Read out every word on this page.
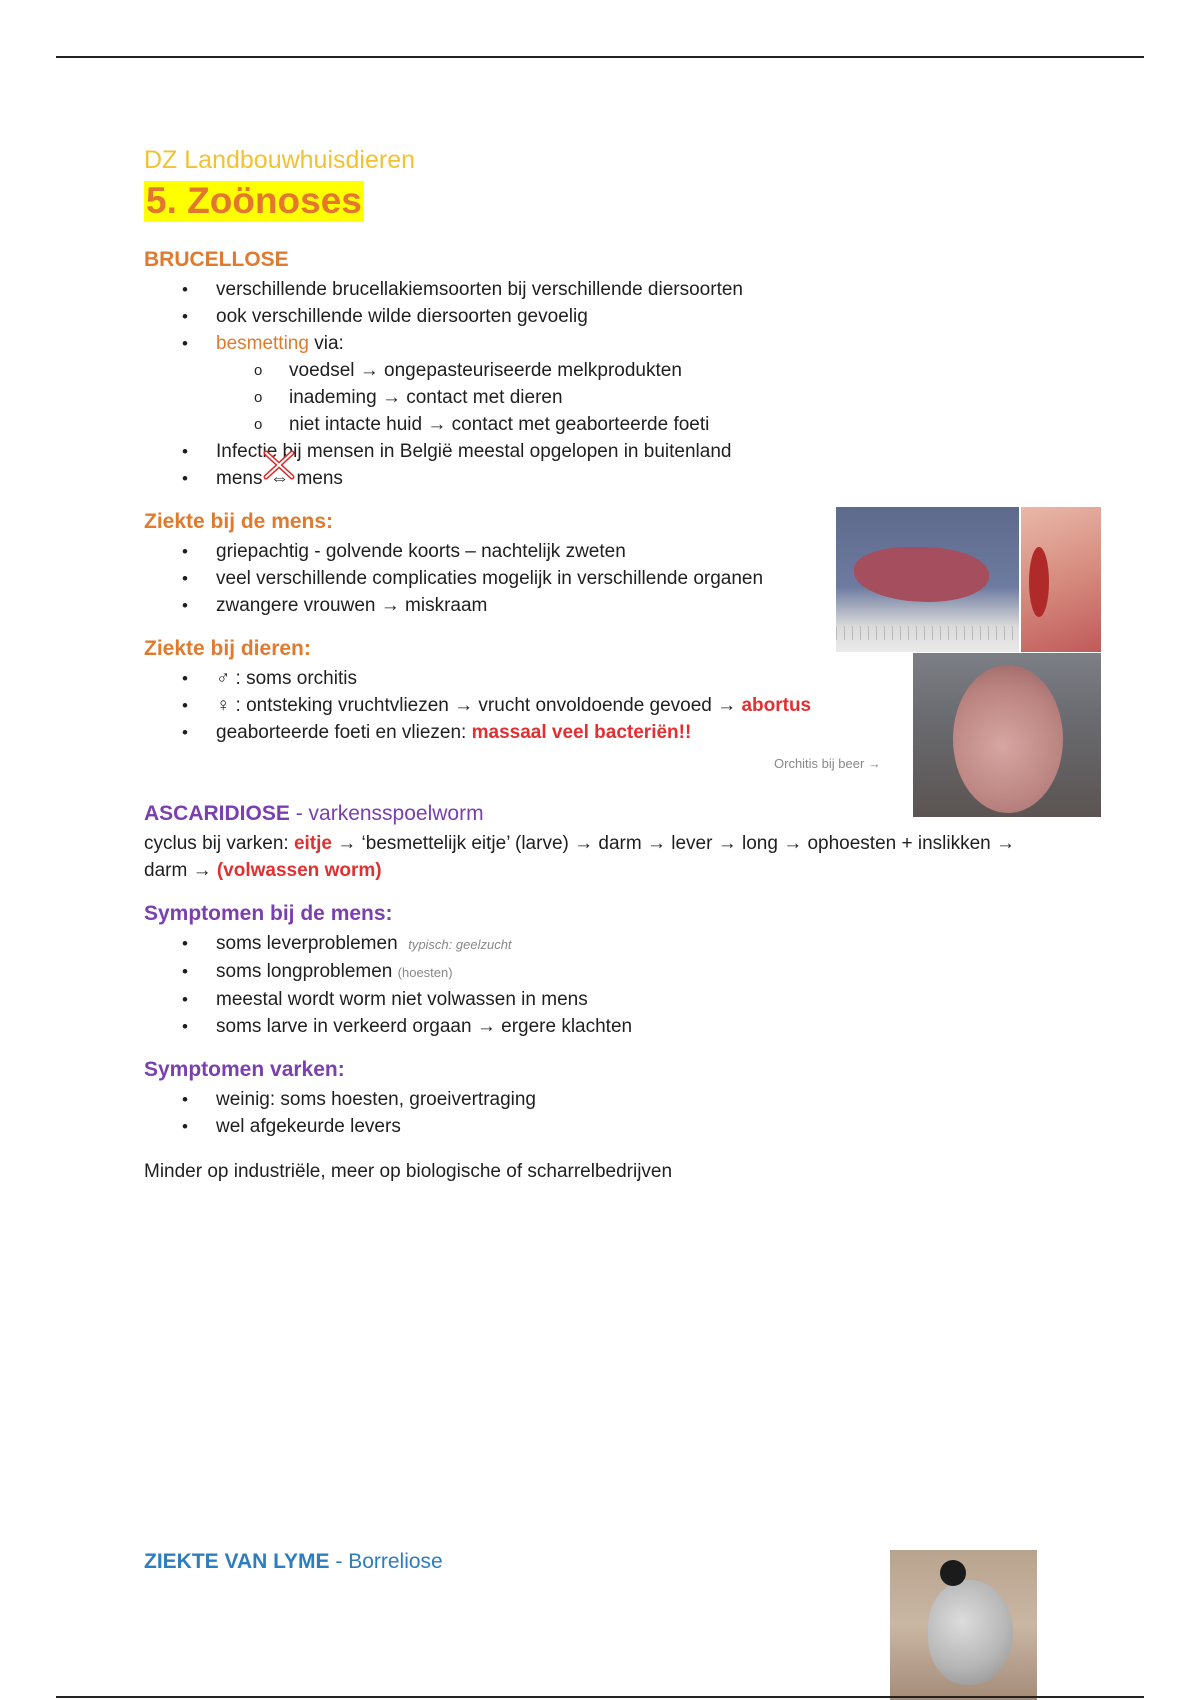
DZ Landbouwhuisdieren
5. Zoönoses
BRUCELLOSE
• verschillende brucellakiemsoorten bij verschillende diersoorten
• ook verschillende wilde diersoorten gevoelig
• besmetting via:
o voedsel → ongepasteuriseerde melkprodukten
o inademing → contact met dieren
o niet intacte huid → contact met geaborteerde foeti
• Infectie bij mensen in België meestal opgelopen in buitenland
• mens ⇔ mens
Ziekte bij de mens:
• griepachtig - golvende koorts – nachtelijk zweten
• veel verschillende complicaties mogelijk in verschillende organen
• zwangere vrouwen → miskraam
Ziekte bij dieren:
• ♂ : soms orchitis
• ♀ : ontsteking vruchtvliezen → vrucht onvoldoende gevoed → abortus
• geaborteerde foeti en vliezen: massaal veel bacteriën!!
ASCARIDIOSE - varkensspoelworm
cyclus bij varken: eitje → ‘besmettelijk eitje’ (larve) → darm → lever → long → ophoesten + inslikken → darm → (volwassen worm)
Symptomen bij de mens:
• soms leverproblemen typisch: geelzucht
• soms longproblemen (hoesten)
• meestal wordt worm niet volwassen in mens
• soms larve in verkeerd orgaan → ergere klachten
Symptomen varken:
• weinig: soms hoesten, groeivertraging
• wel afgekeurde levers
Minder op industriële, meer op biologische of scharrelbedrijven
ZIEKTE VAN LYME - Borreliose
Orchitis bij beer →
